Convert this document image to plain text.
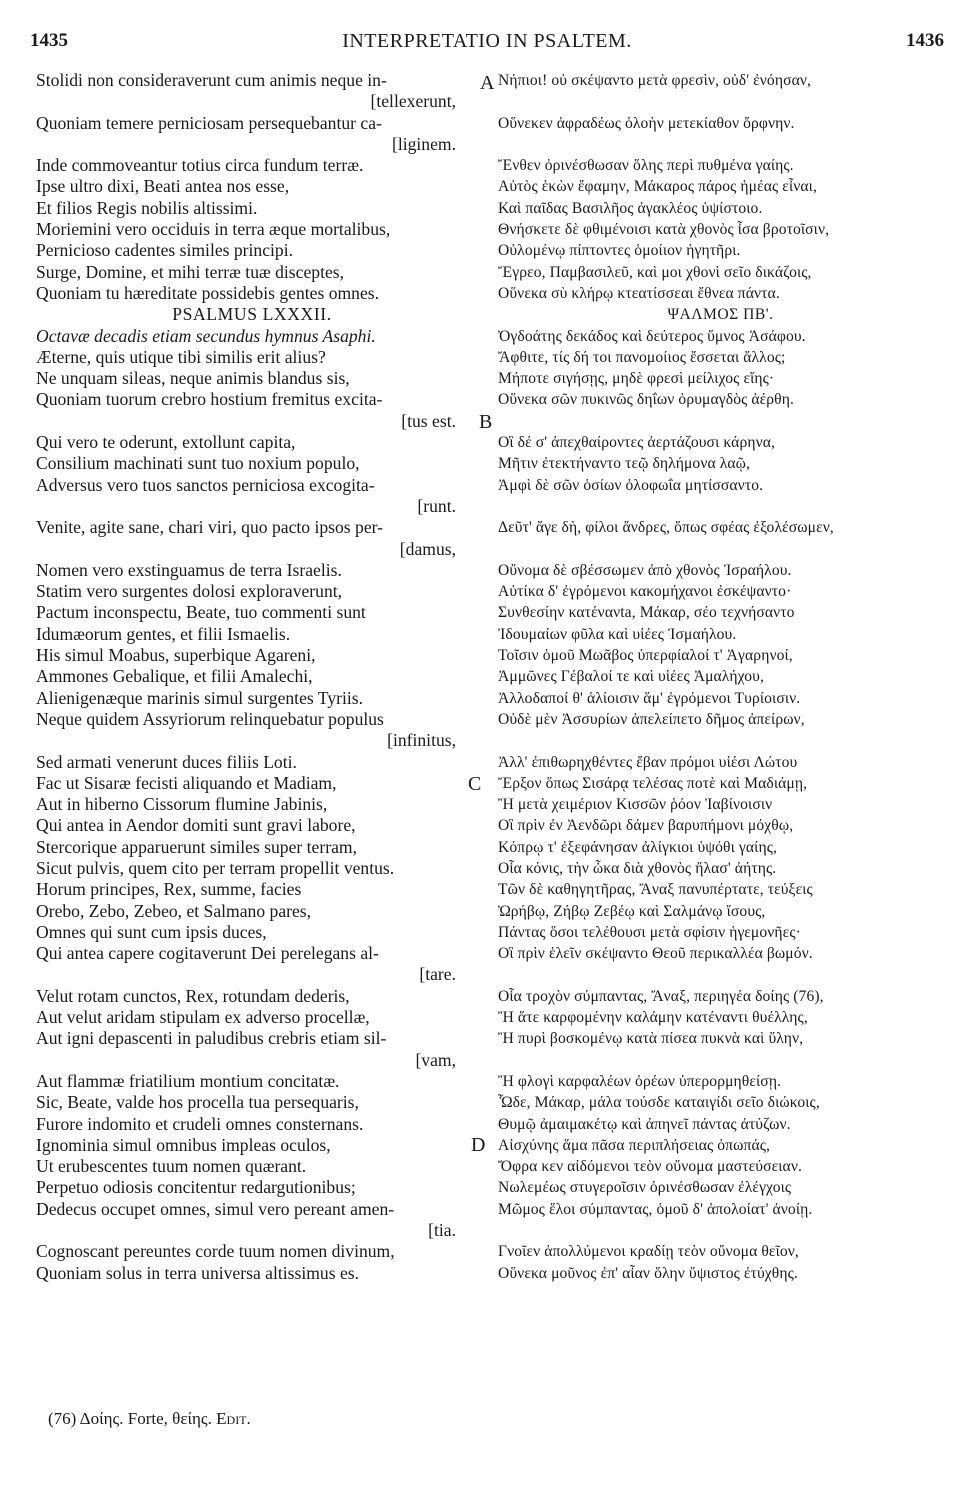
1435	INTERPRETATIO IN PSALTEM.	1436
Stolidi non consideraverunt cum animis neque in-
[tellexerunt,
Quoniam temere perniciosam persequebantur ca-
[liginem.
Inde commoveantur totius circa fundum terræ.
Ipse ultro dixi, Beati antea nos esse,
Et filios Regis nobilis altissimi.
Moriemini vero occiduis in terra æque mortalibus,
Pernicioso cadentes similes principi.
Surge, Domine, et mihi terræ tuæ disceptes,
Quoniam tu hæreditate possidebis gentes omnes.
PSALMUS LXXXII.
Octavæ decadis etiam secundus hymnus Asaphi.
Æterne, quis utique tibi similis erit alius?
Ne unquam sileas, neque animis blandus sis,
Quoniam tuorum crebro hostium fremitus excita-
[tus est.
Qui vero te oderunt, extollunt capita,
Consilium machinati sunt tuo noxium populo,
Adversus vero tuos sanctos perniciosa excogita-
[runt.
Venite, agite sane, chari viri, quo pacto ipsos per-
[damus,
Nomen vero exstinguamus de terra Israelis.
Statim vero surgentes dolosi exploraverunt,
Pactum inconspectu, Beate, tuo commenti sunt
Idumæorum gentes, et filii Ismaelis.
His simul Moabus, superbique Agareni,
Ammones Gebalique, et filii Amalechi,
Alienigenæque marinis simul surgentes Tyriis.
Neque quidem Assyriorum relinquebatur populus
[infinitus,
Sed armati venerunt duces filiis Loti.
Fac ut Sisaræ fecisti aliquando et Madiam,
Aut in hiberno Cissorum flumine Jabinis,
Qui antea in Aendor domiti sunt gravi labore,
Stercorique apparuerunt similes super terram,
Sicut pulvis, quem cito per terram propellit ventus.
Horum principes, Rex, summe, facies
Orebo, Zebo, Zebeo, et Salmano pares,
Omnes qui sunt cum ipsis duces,
Qui antea capere cogitaverunt Dei perelegans al-
[tare.
Velut rotam cunctos, Rex, rotundam dederis,
Aut velut aridam stipulam ex adverso procellæ,
Aut igni depascenti in paludibus crebris etiam sil-
[vam,
Aut flammæ friatilium montium concitatæ.
Sic, Beate, valde hos procella tua persequaris,
Furore indomito et crudeli omnes consternans.
Ignominia simul omnibus impleas oculos,
Ut erubescentes tuum nomen quærant.
Perpetuo odiosis concitentur redargutionibus;
Dedecus occupet omnes, simul vero pereant amen-
[tia.
Cognoscant pereuntes corde tuum nomen divinum,
Quoniam solus in terra universa altissimus es.
Νήπιοι! οὐ σκέψαντο μετὰ φρεσὶν, οὐδ' ἐνόησαν,
Οὕνεκεν ἀφραδέως ὀλοὴν μετεκίαθον ὄρφνην.
Ἔνθεν ὀρινέσθωσαν ὅλης περὶ πυθμένα γαίης.
Αὐτὸς ἑκὼν ἔφαμην, Μάκαρος πάρος ἡμέας εἶναι,
Καὶ παῖδας Βασιλῆος ἀγακλέος ὑψίστοιο.
Θνήσκετε δὲ φθιμένοισι κατὰ χθονὸς ἶσα βροτοῖσιν,
Οὐλομένῳ πίπτοντες ὁμοίιον ἡγητῆρι.
Ἔγρεο, Παμβασιλεῦ, καὶ μοι χθονὶ σεῖο δικάζοις,
Οὕνεκα σὺ κλήρῳ κτεατίσσεαι ἔθνεα πάντα.
ΨΑΛΜΟΣ ΠΒ'.
Ὀγδοάτης δεκάδος καὶ δεύτερος ὕμνος Ἀσάφου.
Ἄφθιτε, τίς δή τοι πανομοίιος ἔσσεται ἄλλος;
Μήποτε σιγήσῃς, μηδὲ φρεσὶ μείλιχος εἴης·
Οὕνεκα σῶν πυκινῶς δηΐων ὀρυμαγδὸς ἀέρθη.
Οἳ δέ σ' ἀπεχθαίροντες ἀερτάζουσι κάρηνα,
Μῆτιν ἐτεκτήναντο τεῷ δηλήμονα λαῷ,
Ἀμφὶ δὲ σῶν ὁσίων ὀλοφωΐα μητίσσαντο.
Δεῦτ' ἄγε δὴ, φίλοι ἄνδρες, ὅπως σφέας ἐξολέσωμεν,
Οὔνομα δὲ σβέσσωμεν ἀπὸ χθονὸς Ἰσραήλου.
Αὐτίκα δ' ἐγρόμενοι κακομήχανοι ἐσκέψαντο·
Συνθεσίην κατένανta, Μάκαρ, σέο τεχνήσαντο
Ἰδουμαίων φῦλα καὶ υἱέες Ἰσμαήλου.
Τοῖσιν ὁμοῦ Μωᾶβος ὑπερφίαλοί τ' Ἀγαρηνοί,
Ἀμμῶνες Γέβαλοί τε καὶ υἱέες Ἀμαλήχου,
Ἀλλοδαποί θ' ἁλίοισιν ἅμ' ἐγρόμενοι Τυρίοισιν.
Οὐδὲ μὲν Ἀσσυρίων ἀπελείπετο δῆμος ἀπείρων,
Ἀλλ' ἐπιθωρηχθέντες ἔβαν πρόμοι υἱέσι Λώτου
Ἔρξον ὅπως Σισάρᾳ τελέσας ποτὲ καὶ Μαδιάμῃ,
Ἢ μετὰ χειμέριον Κισσῶν ῥόον Ἰαβίνοισιν
Οἳ πρὶν ἐν Ἀενδῶρι δάμεν βαρυπήμονι μόχθῳ,
Κόπρῳ τ' ἐξεφάνησαν ἀλίγκιοι ὑψόθι γαίης,
Οἷα κόνις, τὴν ὦκα διὰ χθονὸς ἤλασ' ἀήτης.
Τῶν δὲ καθηγητῆρας, Ἄναξ πανυπέρτατε, τεύξεις
Ὠρήβῳ, Ζήβῳ Ζεβέῳ καὶ Σαλμάνῳ ἴσους,
Πάντας ὅσοι τελέθουσι μετὰ σφίσιν ἡγεμονῆες·
Οἳ πρὶν ἑλεῖν σκέψαντο Θεοῦ περικαλλέα βωμόν.
Οἷα τροχὸν σύμπαντας, Ἄναξ, περιηγέα δοίης (76),
Ἢ ἅτε καρφομένην καλάμην κατέναντι θυέλλης,
Ἢ πυρὶ βοσκομένῳ κατὰ πίσεα πυκνὰ καὶ ὕλην,
Ἢ φλογὶ καρφαλέων ὀρέων ὑπερορμηθείσῃ.
Ὧδε, Μάκαρ, μάλα τούσδε καταιγίδι σεῖο διώκοις,
Θυμῷ ἀμαιμακέτῳ καὶ ἀπηνεῖ πάντας ἀτύζων.
Αἰσχύνης ἅμα πᾶσα περιπλήσειας ὀπωπάς,
Ὄφρα κεν αἰδόμενοι τεὸν οὔνομα μαστεύσειαν.
Νωλεμέως στυγεροῖσιν ὀρινέσθωσαν ἐλέγχοις
Μῶμος ἕλοι σύμπαντας, ὁμοῦ δ' ἀπολοίατ' ἀνοίῃ.
Γνοῖεν ἀπολλύμενοι κραδίῃ τεὸν οὔνομα θεῖον,
Οὕνεκα μοῦνος ἐπ' αἶαν ὅλην ὕψιστος ἐτύχθης.
A
B
C
D
(76) Δοίης. Forte, θείης. Edit.
